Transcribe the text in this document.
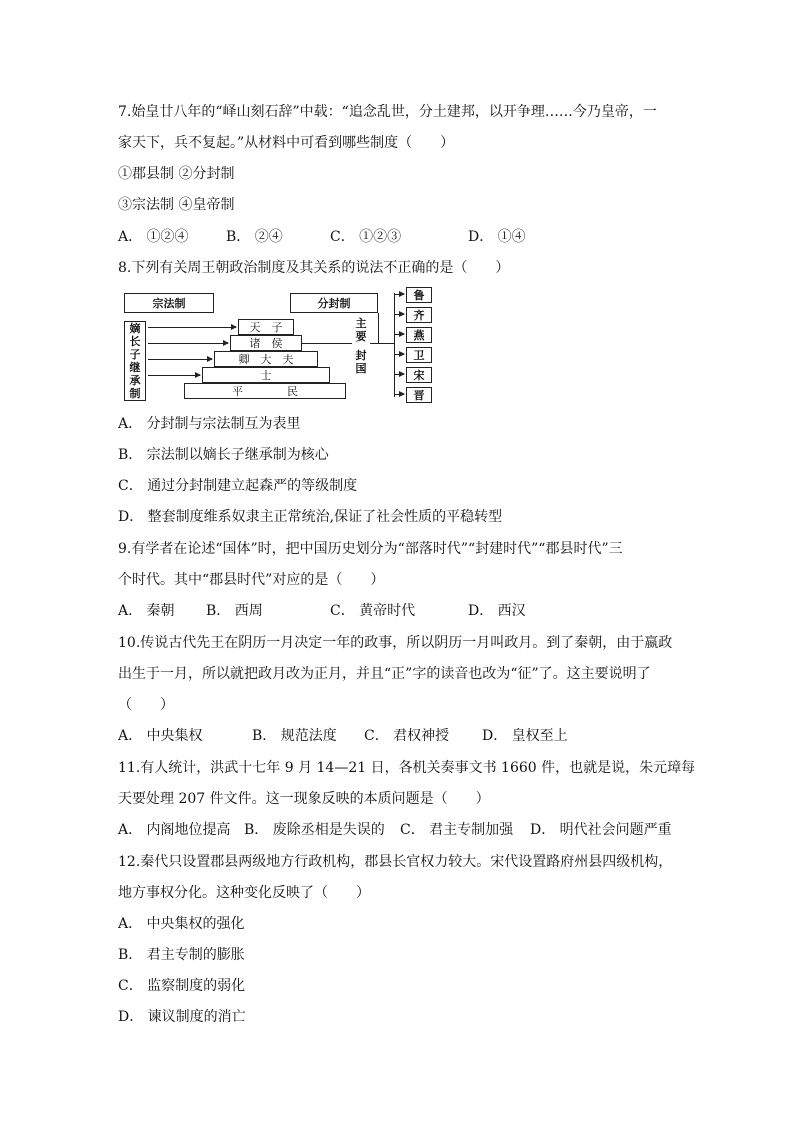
7.始皇廿八年的“峄山刻石辞”中载：“追念乱世，分土建邦，以开争理……今乃皇帝，一
家天下，兵不复起。”从材料中可看到哪些制度（　　）
①郡县制 ②分封制
③宗法制 ④皇帝制
A． ①②④	B． ②④	C． ①②③	D． ①④
8.下列有关周王朝政治制度及其关系的说法不正确的是（　　）
宗法制	分封制
嫡长子继承制
天　子
诸　侯
卿　大　夫
士
平　　　　民
主要
封国
鲁
齐
燕
卫
宋
晋
A． 分封制与宗法制互为表里
B． 宗法制以嫡长子继承制为核心
C． 通过分封制建立起森严的等级制度
D． 整套制度维系奴隶主正常统治,保证了社会性质的平稳转型
9.有学者在论述“国体”时，把中国历史划分为“部落时代”“封建时代”“郡县时代”三
个时代。其中“郡县时代”对应的是（　　）
A． 秦朝 B． 西周	C． 黄帝时代	D． 西汉
10.传说古代先王在阴历一月决定一年的政事，所以阴历一月叫政月。到了秦朝，由于嬴政
出生于一月，所以就把政月改为正月，并且“正”字的读音也改为“征”了。这主要说明了
（　　）
A． 中央集权	B． 规范法度 C． 君权神授 D． 皇权至上
11.有人统计，洪武十七年 9 月 14—21 日，各机关奏事文书 1660 件，也就是说，朱元璋每
天要处理 207 件文件。这一现象反映的本质问题是（　　）
A． 内阁地位提高 B． 废除丞相是失误的 C． 君主专制加强 D． 明代社会问题严重
12.秦代只设置郡县两级地方行政机构，郡县长官权力较大。宋代设置路府州县四级机构，
地方事权分化。这种变化反映了（　　）
A． 中央集权的强化
B． 君主专制的膨胀
C． 监察制度的弱化
D． 谏议制度的消亡
